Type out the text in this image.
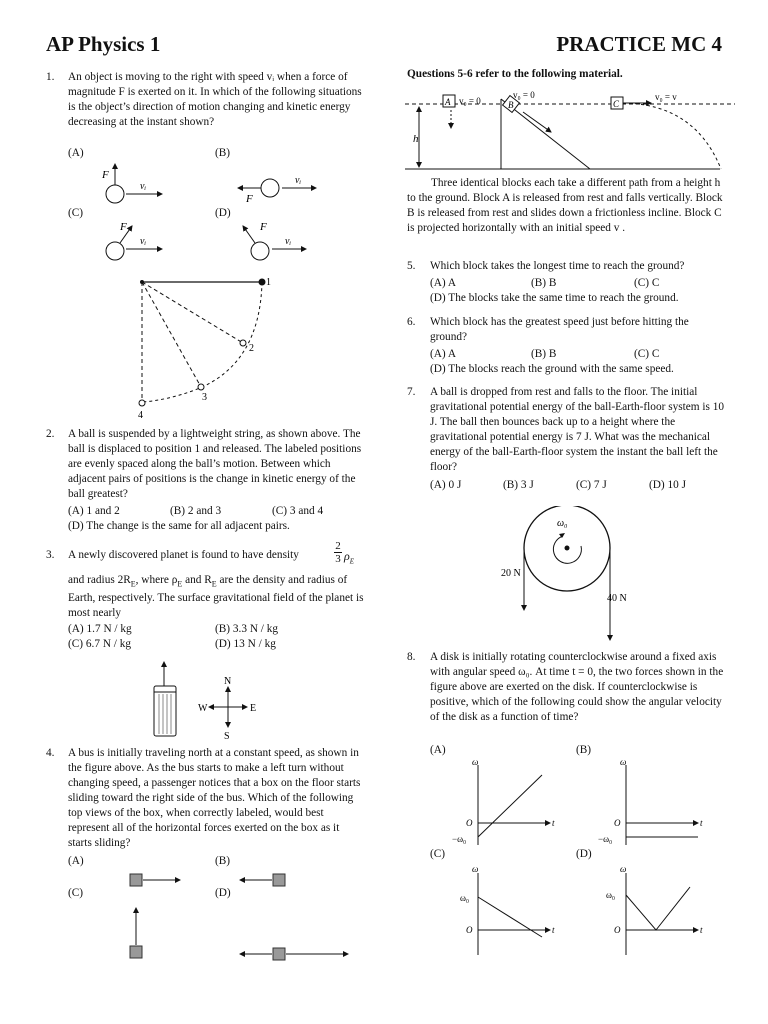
AP Physics 1	PRACTICE MC 4
1. An object is moving to the right with speed vᵢ when a force of magnitude F is exerted on it. In which of the following situations is the object’s direction of motion changing and kinetic energy decreasing at the instant shown?
(A)	(B)
(C)	(D)
F
vᵢ
F
vᵢ
F
vᵢ
F
vᵢ
1
2
3
4
2. A ball is suspended by a lightweight string, as shown above. The ball is displaced to position 1 and released. The labeled positions are evenly spaced along the ball’s motion. Between which adjacent pairs of positions is the change in kinetic energy of the ball greatest?
(A) 1 and 2	(B) 2 and 3	(C) 3 and 4
(D) The change is the same for all adjacent pairs.
3. A newly discovered planet is found to have density
2
3 $\rho_E$
and radius $2R_E$, where $\rho_E$ and $R_E$ are the density and radius of Earth, respectively. The surface gravitational field of the planet is most nearly
(A) 1.7 N / kg	(B) 3.3 N / kg
(C) 6.7 N / kg	(D) 13 N / kg
N
S
W	E
4. A bus is initially traveling north at a constant speed, as shown in the figure above. As the bus starts to make a left turn without changing speed, a passenger notices that a box on the floor starts sliding toward the right side of the bus. Which of the following top views of the box, when correctly labeled, would best represent all of the horizontal forces exerted on the box as it starts sliding?
(A)	(B)
(C)	(D)
Questions 5-6 refer to the following material.
h
A v₀ = 0	B
v₀ = 0
C
v₀ = v
Three identical blocks each take a different path from a height h to the ground. Block A is released from rest and falls vertically. Block B is released from rest and slides down a frictionless incline. Block C is projected horizontally with an initial speed v .
5. Which block takes the longest time to reach the ground?
(A) A	(B) B	(C) C
(D) The blocks take the same time to reach the ground.
6. Which block has the greatest speed just before hitting the ground?
(A) A	(B) B	(C) C
(D) The blocks reach the ground with the same speed.
7. A ball is dropped from rest and falls to the floor. The initial gravitational potential energy of the ball-Earth-floor system is 10 J. The ball then bounces back up to a height where the gravitational potential energy is 7 J. What was the mechanical energy of the ball-Earth-floor system the instant the ball left the floor?
(A) 0 J	(B) 3 J	(C) 7 J	(D) 10 J
ω₀
20 N
40 N
8. A disk is initially rotating counterclockwise around a fixed axis with angular speed ω₀. At time t = 0, the two forces shown in the figure above are exerted on the disk. If counterclockwise is positive, which of the following could show the angular velocity of the disk as a function of time?
(A)	(B)
(C)	(D)
ω
O	t
−ω₀
ω
O	t
−ω₀
ω
O	t
ω₀
ω
O	t
ω₀
